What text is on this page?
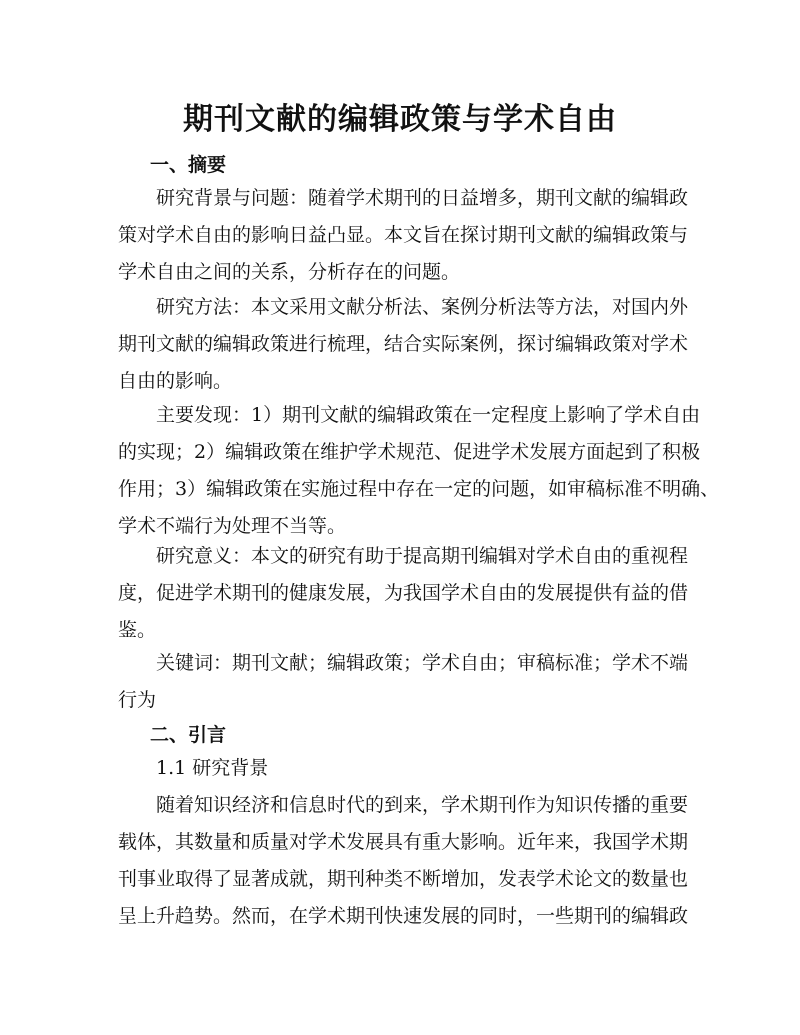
期刊文献的编辑政策与学术自由
一、摘要

研究背景与问题：随着学术期刊的日益增多，期刊文献的编辑政
策对学术自由的影响日益凸显。本文旨在探讨期刊文献的编辑政策与
学术自由之间的关系，分析存在的问题。

研究方法：本文采用文献分析法、案例分析法等方法，对国内外
期刊文献的编辑政策进行梳理，结合实际案例，探讨编辑政策对学术
自由的影响。

主要发现：1）期刊文献的编辑政策在一定程度上影响了学术自由
的实现；2）编辑政策在维护学术规范、促进学术发展方面起到了积极
作用；3）编辑政策在实施过程中存在一定的问题，如审稿标准不明确、
学术不端行为处理不当等。

研究意义：本文的研究有助于提高期刊编辑对学术自由的重视程
度，促进学术期刊的健康发展，为我国学术自由的发展提供有益的借
鉴。

关键词：期刊文献；编辑政策；学术自由；审稿标准；学术不端
行为

二、引言

1.1 研究背景

随着知识经济和信息时代的到来，学术期刊作为知识传播的重要
载体，其数量和质量对学术发展具有重大影响。近年来，我国学术期
刊事业取得了显著成就，期刊种类不断增加，发表学术论文的数量也
呈上升趋势。然而，在学术期刊快速发展的同时，一些期刊的编辑政
